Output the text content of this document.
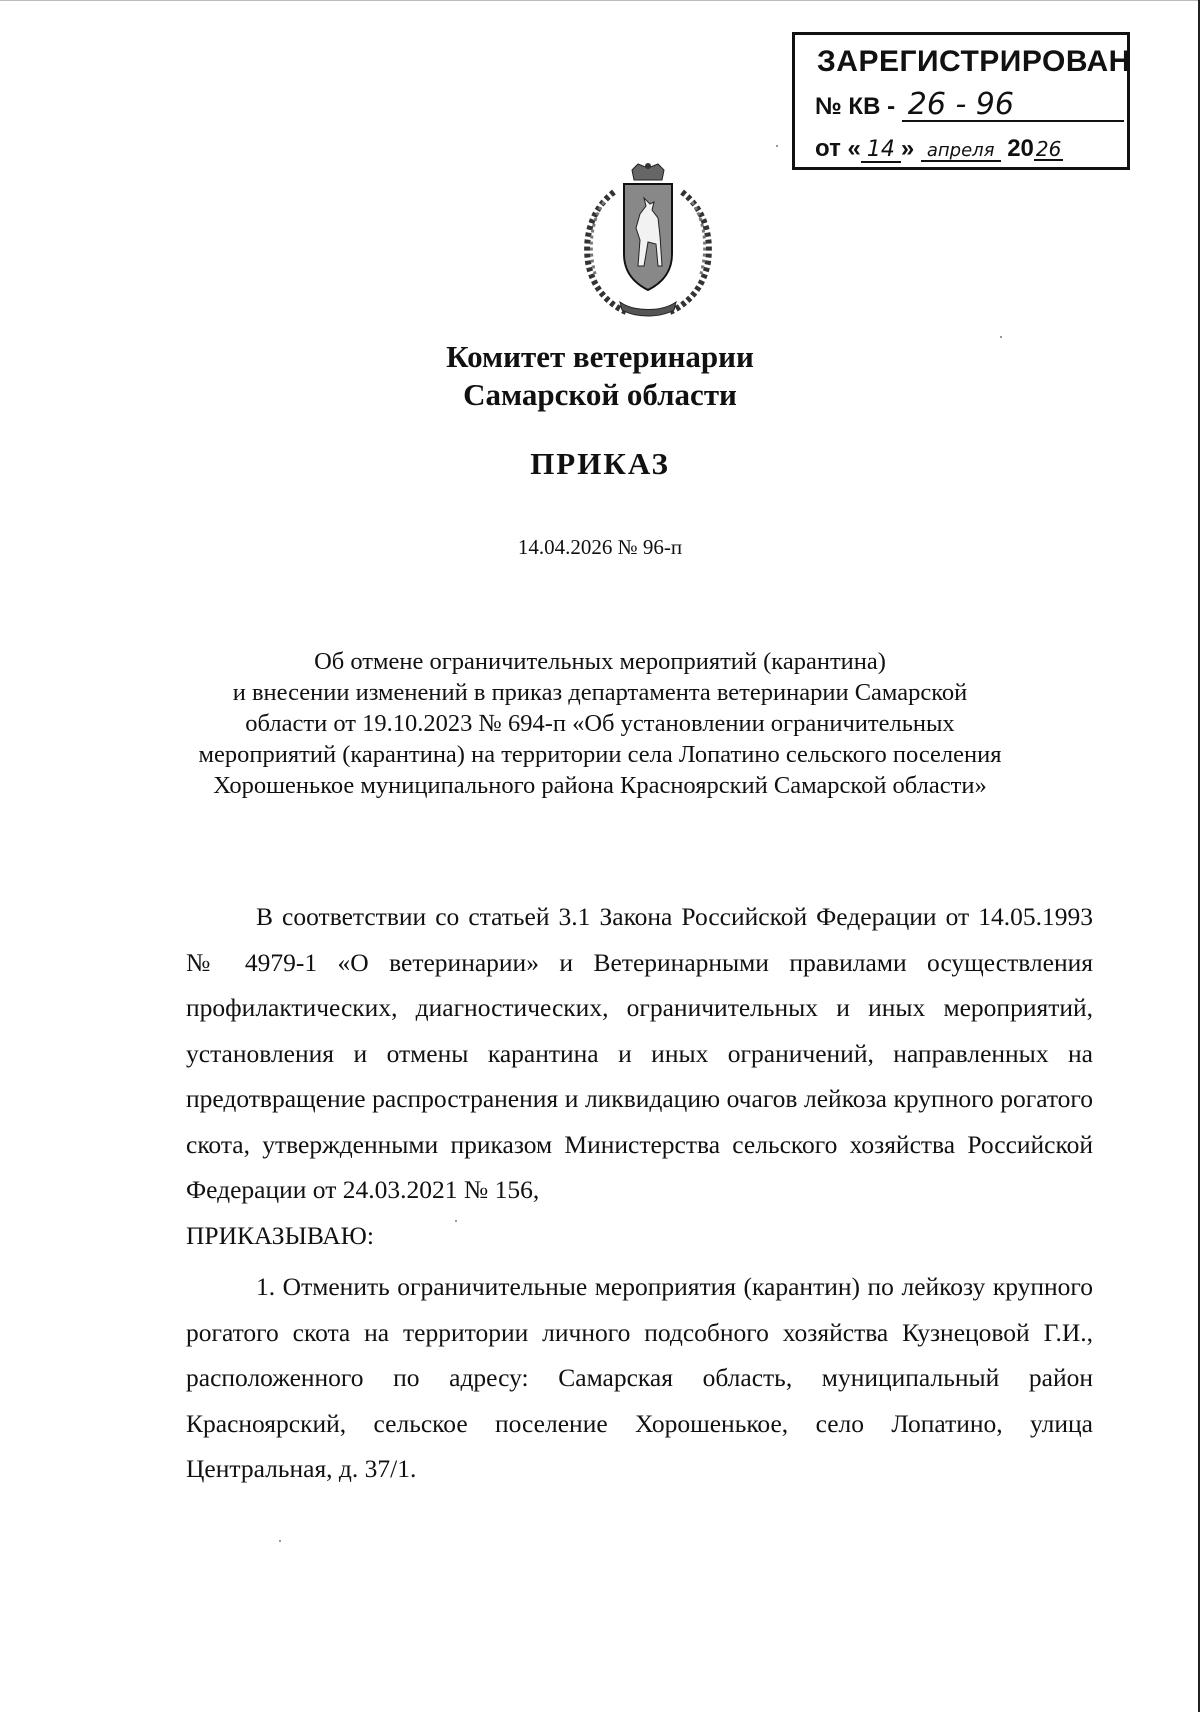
ЗАРЕГИСТРИРОВАН
№ КВ - 26 - 96
от « 14 » апреля 20 26
Комитет ветеринарии
Самарской области
ПРИКАЗ
14.04.2026 № 96-п
Об отмене ограничительных мероприятий (карантина)
и внесении изменений в приказ департамента ветеринарии Самарской
области от 19.10.2023 № 694-п «Об установлении ограничительных
мероприятий (карантина) на территории села Лопатино сельского поселения
Хорошенькое муниципального района Красноярский Самарской области»

В соответствии со статьей 3.1 Закона Российской Федерации от 14.05.1993 № 4979-1 «О ветеринарии» и Ветеринарными правилами осуществления профилактических, диагностических, ограничительных и иных мероприятий, установления и отмены карантина и иных ограничений, направленных на предотвращение распространения и ликвидацию очагов лейкоза крупного рогатого скота, утвержденными приказом Министерства сельского хозяйства Российской Федерации от 24.03.2021 № 156,

ПРИКАЗЫВАЮ:

1. Отменить ограничительные мероприятия (карантин) по лейкозу крупного рогатого скота на территории личного подсобного хозяйства Кузнецовой Г.И., расположенного по адресу: Самарская область, муниципальный район Красноярский, сельское поселение Хорошенькое, село Лопатино, улица Центральная, д. 37/1.
